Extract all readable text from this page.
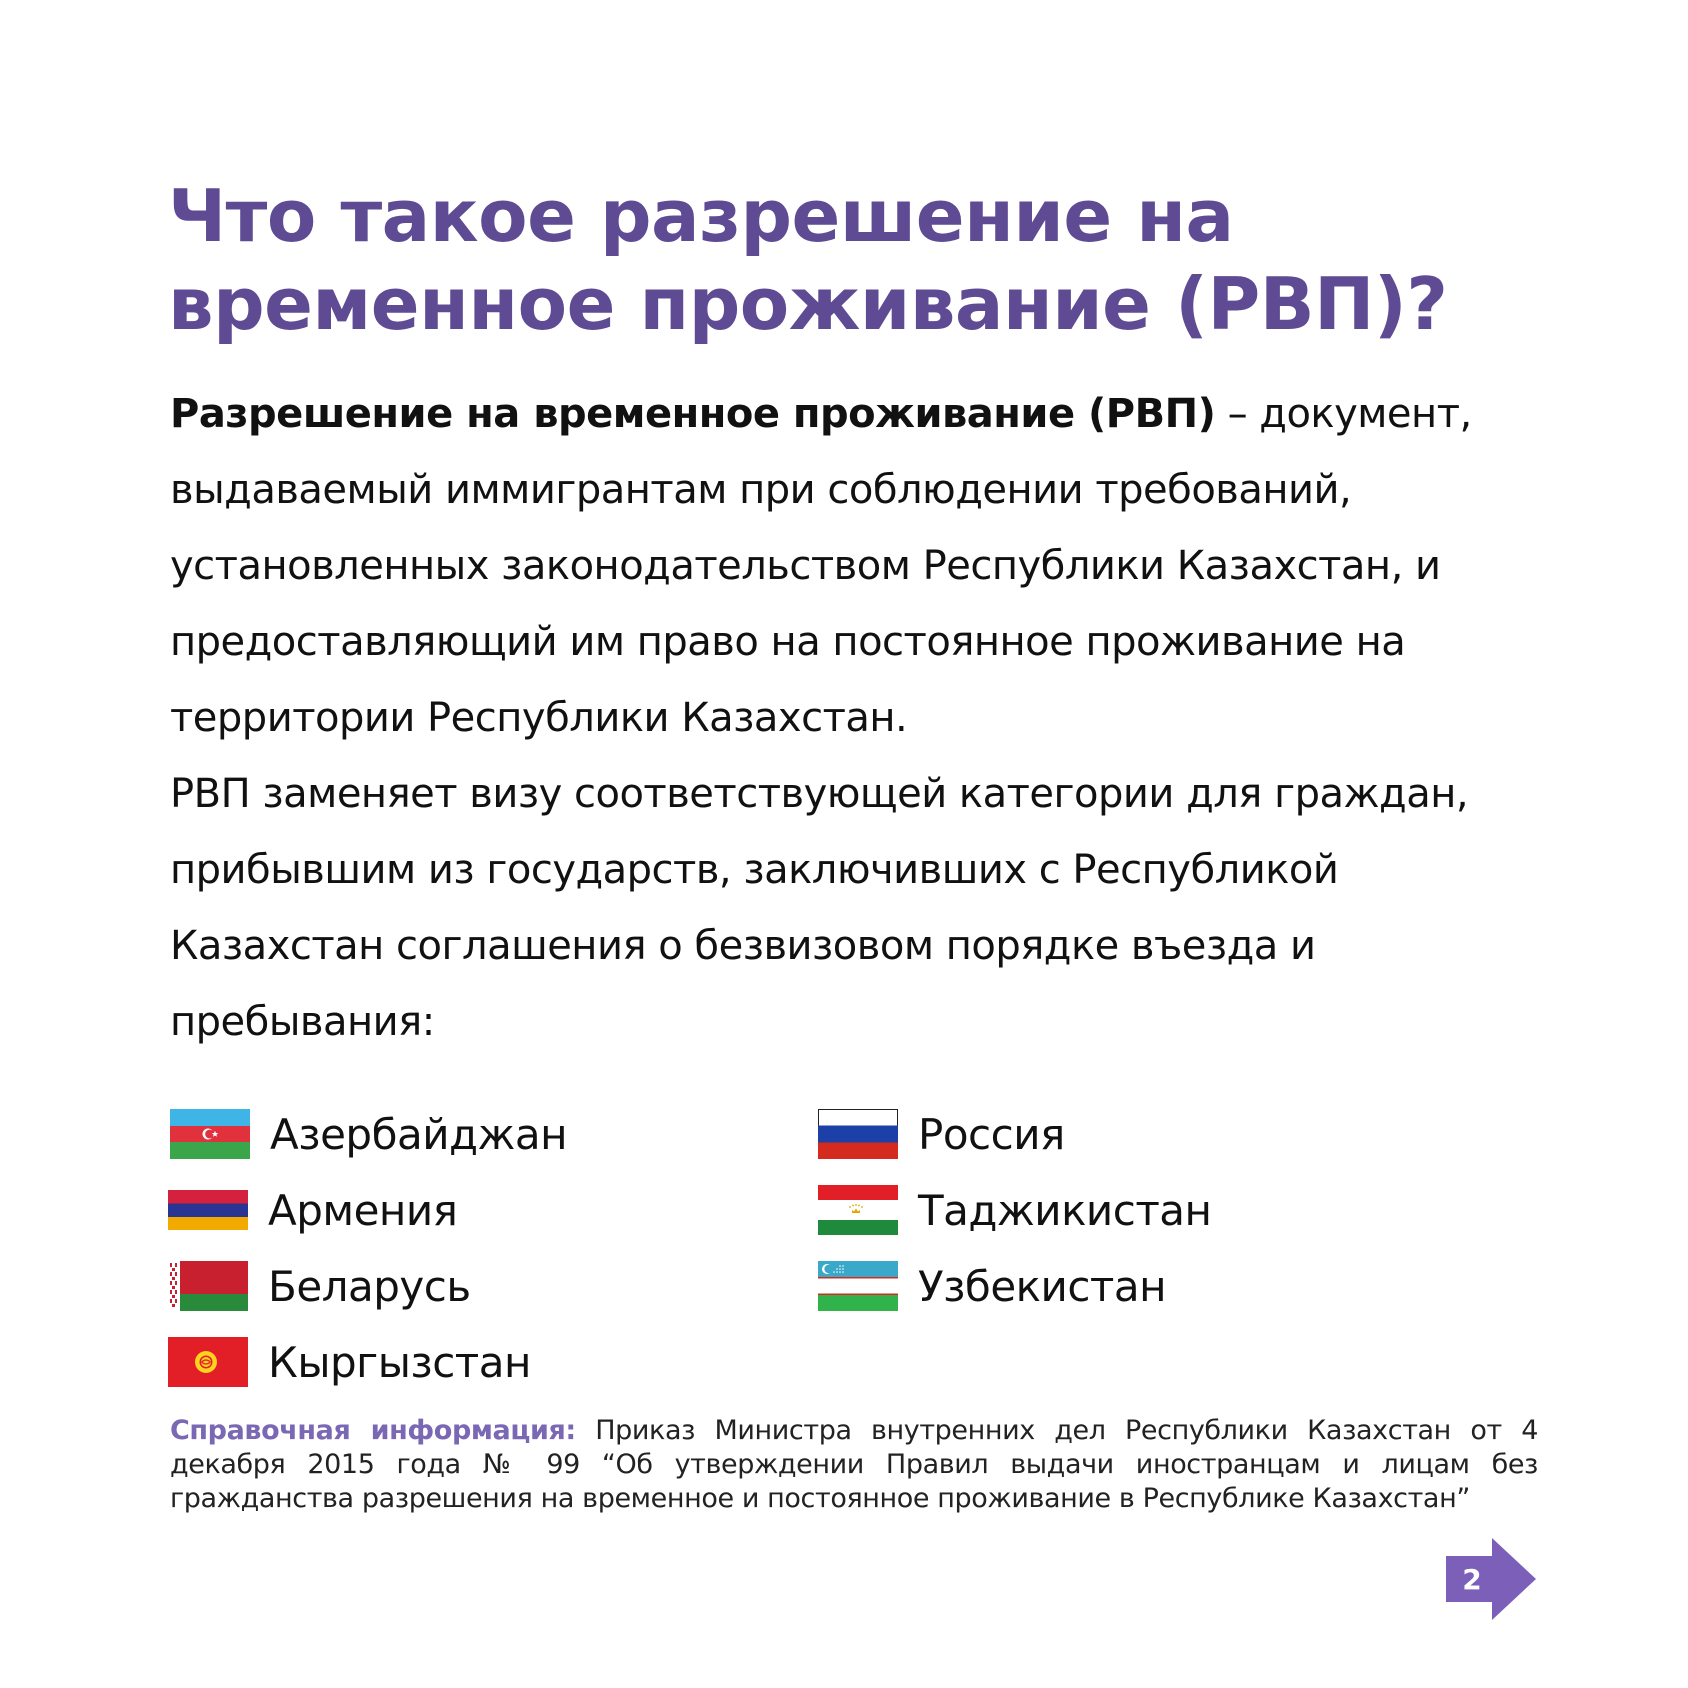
Что такое разрешение на
временное проживание (РВП)?
Разрешение на временное проживание (РВП) – документ,
выдаваемый иммигрантам при соблюдении требований,
установленных законодательством Республики Казахстан, и
предоставляющий им право на постоянное проживание на
территории Республики Казахстан.
РВП заменяет визу соответствующей категории для граждан,
прибывшим из государств, заключивших с Республикой
Казахстан соглашения о безвизовом порядке въезда и
пребывания:
Азербайджан
Армения
Беларусь
Кыргызстан
Россия
Таджикистан
Узбекистан
Справочная информация: Приказ Министра внутренних дел Республики Казахстан от 4 декабря 2015 года № 99 “Об утверждении Правил выдачи иностранцам и лицам без гражданства разрешения на временное и постоянное проживание в Республике Казахстан”
2
